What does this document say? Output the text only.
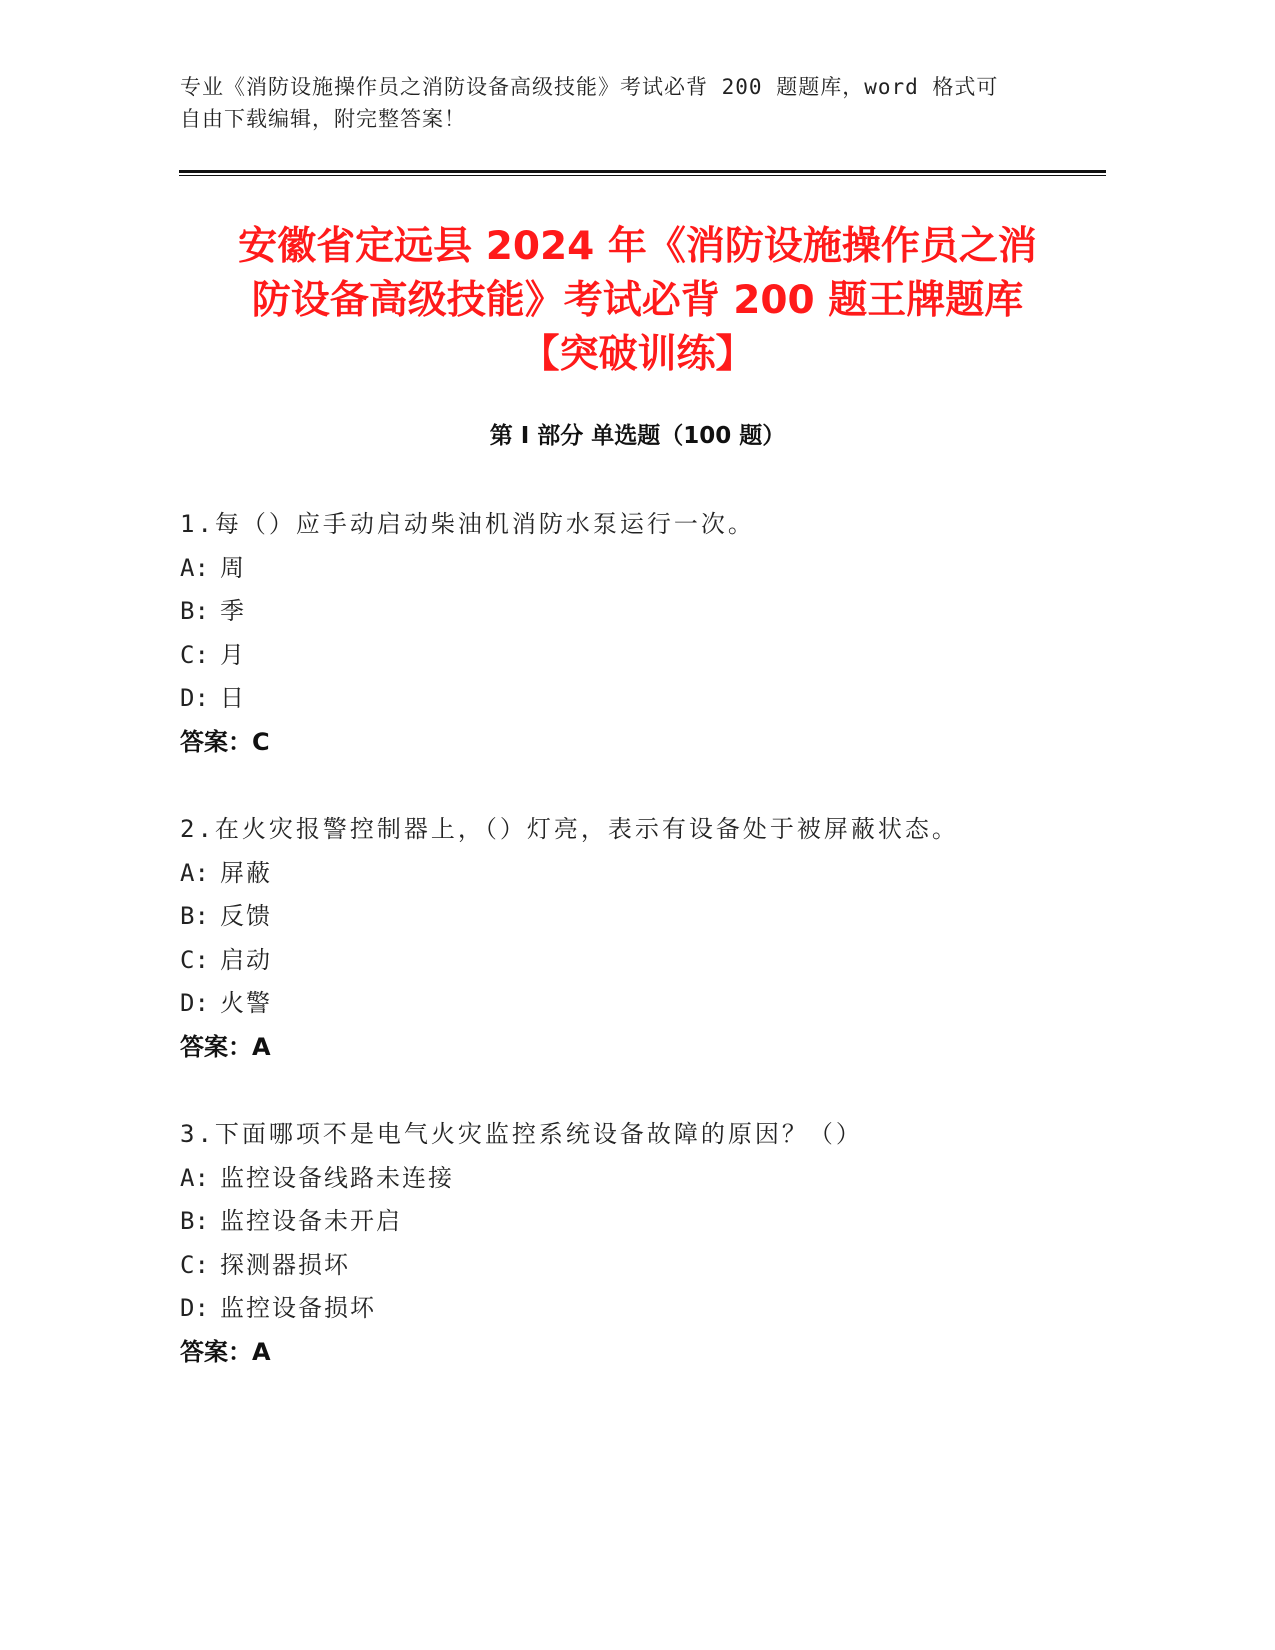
专业《消防设施操作员之消防设备高级技能》考试必背 200 题题库，word 格式可
自由下载编辑，附完整答案！
安徽省定远县 2024 年《消防设施操作员之消
防设备高级技能》考试必背 200 题王牌题库
【突破训练】
第 I 部分 单选题（100 题）
1.每（）应手动启动柴油机消防水泵运行一次。
A: 周
B: 季
C: 月
D: 日
答案：C
2.在火灾报警控制器上，（）灯亮，表示有设备处于被屏蔽状态。
A: 屏蔽
B: 反馈
C: 启动
D: 火警
答案：A
3.下面哪项不是电气火灾监控系统设备故障的原因？（）
A: 监控设备线路未连接
B: 监控设备未开启
C: 探测器损坏
D: 监控设备损坏
答案：A
